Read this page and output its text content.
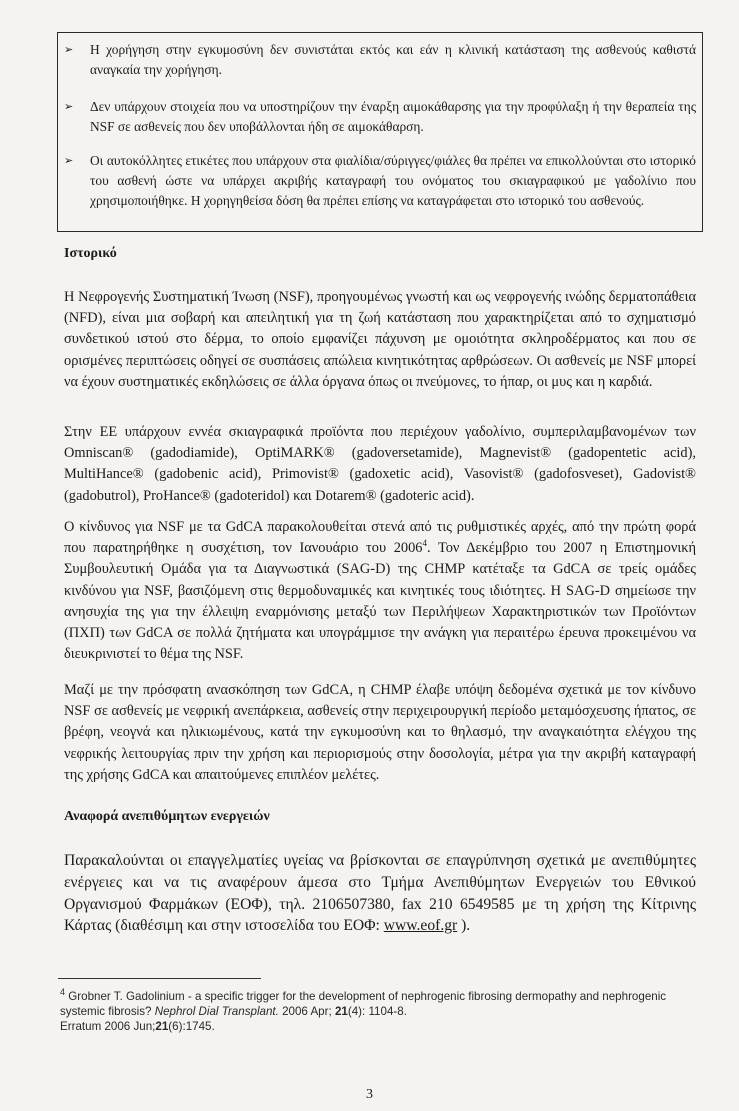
➢	Η χορήγηση στην εγκυμοσύνη δεν συνιστάται εκτός και εάν η κλινική κατάσταση της ασθενούς καθιστά αναγκαία την χορήγηση.
➢	Δεν υπάρχουν στοιχεία που να υποστηρίζουν την έναρξη αιμοκάθαρσης για την προφύλαξη ή την θεραπεία της NSF σε ασθενείς που δεν υποβάλλονται ήδη σε αιμοκάθαρση.
➢	Οι αυτοκόλλητες ετικέτες που υπάρχουν στα φιαλίδια/σύριγγες/φιάλες θα πρέπει να επικολλούνται στο ιστορικό του ασθενή ώστε να υπάρχει ακριβής καταγραφή του ονόματος του σκιαγραφικού με γαδολίνιο που χρησιμοποιήθηκε. Η χορηγηθείσα δόση θα πρέπει επίσης να καταγράφεται στο ιστορικό του ασθενούς.
Ιστορικό
Η Νεφρογενής Συστηματική Ίνωση (NSF), προηγουμένως γνωστή και ως νεφρογενής ινώδης δερματοπάθεια (NFD), είναι μια σοβαρή και απειλητική για τη ζωή κατάσταση που χαρακτηρίζεται από το σχηματισμό συνδετικού ιστού στο δέρμα, το οποίο εμφανίζει πάχυνση με ομοιότητα σκληροδέρματος και που σε ορισμένες περιπτώσεις οδηγεί σε συσπάσεις απώλεια κινητικότητας αρθρώσεων. Οι ασθενείς με NSF μπορεί να έχουν συστηματικές εκδηλώσεις σε άλλα όργανα όπως οι πνεύμονες, το ήπαρ, οι μυς και η καρδιά.
Στην ΕΕ υπάρχουν εννέα σκιαγραφικά προϊόντα που περιέχουν γαδολίνιο, συμπεριλαμβανομένων των Omniscan® (gadodiamide), OptiMARK® (gadoversetamide), Magnevist® (gadopentetic acid), MultiHance® (gadobenic acid), Primovist® (gadoxetic acid), Vasovist® (gadofosveset), Gadovist® (gadobutrol), ProHance® (gadoteridol) και Dotarem® (gadoteric acid).
Ο κίνδυνος για NSF με τα GdCA παρακολουθείται στενά από τις ρυθμιστικές αρχές, από την πρώτη φορά που παρατηρήθηκε η συσχέτιση, τον Ιανουάριο του 2006$^4$. Τον Δεκέμβριο του 2007 η Επιστημονική Συμβουλευτική Ομάδα για τα Διαγνωστικά (SAG-D) της CHMP κατέταξε τα GdCA σε τρείς ομάδες κινδύνου για NSF, βασιζόμενη στις θερμοδυναμικές και κινητικές τους ιδιότητες. Η SAG-D σημείωσε την ανησυχία της για την έλλειψη εναρμόνισης μεταξύ των Περιλήψεων Χαρακτηριστικών των Προϊόντων (ΠΧΠ) των GdCA σε πολλά ζητήματα και υπογράμμισε την ανάγκη για περαιτέρω έρευνα προκειμένου να διευκρινιστεί το θέμα της NSF.
Μαζί με την πρόσφατη ανασκόπηση των GdCA, η CHMP έλαβε υπόψη δεδομένα σχετικά με τον κίνδυνο NSF σε ασθενείς με νεφρική ανεπάρκεια, ασθενείς στην περιχειρουργική περίοδο μεταμόσχευσης ήπατος, σε βρέφη, νεογνά και ηλικιωμένους, κατά την εγκυμοσύνη και το θηλασμό, την αναγκαιότητα ελέγχου της νεφρικής λειτουργίας πριν την χρήση και περιορισμούς στην δοσολογία, μέτρα για την ακριβή καταγραφή της χρήσης GdCA και απαιτούμενες επιπλέον μελέτες.
Αναφορά ανεπιθύμητων ενεργειών
Παρακαλούνται οι επαγγελματίες υγείας να βρίσκονται σε επαγρύπνηση σχετικά με ανεπιθύμητες ενέργειες και να τις αναφέρουν άμεσα στο Τμήμα Ανεπιθύμητων Ενεργειών του Εθνικού Οργανισμού Φαρμάκων (ΕΟΦ), τηλ. 2106507380, fax 210 6549585 με τη χρήση της Κίτρινης Κάρτας (διαθέσιμη και στην ιστοσελίδα του ΕΟΦ: www.eof.gr ).
$^4$ Grobner T. Gadolinium - a specific trigger for the development of nephrogenic fibrosing dermopathy and nephrogenic systemic fibrosis? Nephrol Dial Transplant. 2006 Apr; 21(4): 1104-8.
Erratum 2006 Jun;21(6):1745.
3
